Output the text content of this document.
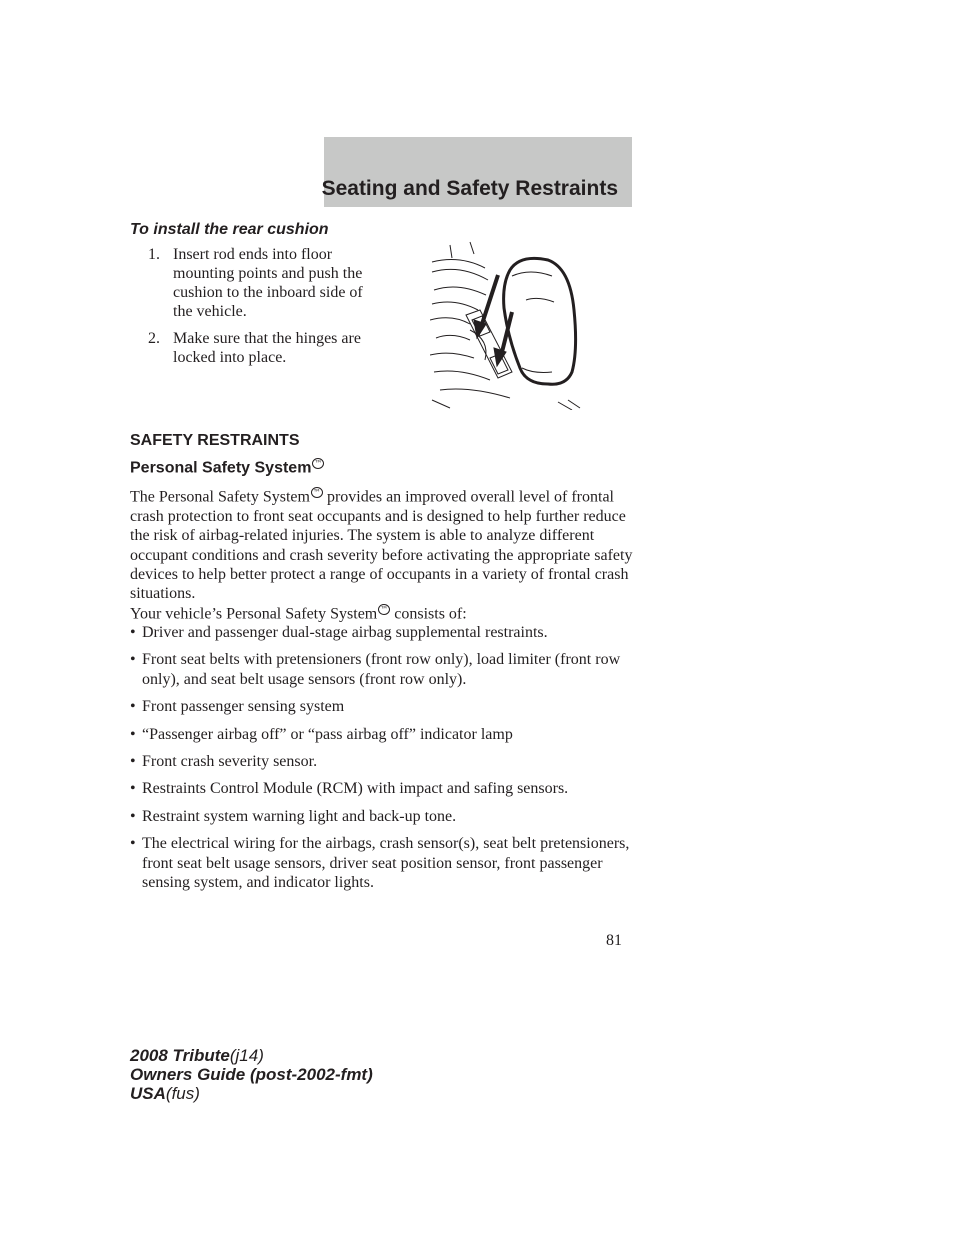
Seating and Safety Restraints
To install the rear cushion
1. Insert rod ends into floor mounting points and push the cushion to the inboard side of the vehicle.
2. Make sure that the hinges are locked into place.
SAFETY RESTRAINTS
Personal Safety System ™
The Personal Safety System ™ provides an improved overall level of frontal crash protection to front seat occupants and is designed to help further reduce the risk of airbag-related injuries. The system is able to analyze different occupant conditions and crash severity before activating the appropriate safety devices to help better protect a range of occupants in a variety of frontal crash situations.
Your vehicle’s Personal Safety System ™ consists of:
• Driver and passenger dual-stage airbag supplemental restraints.
• Front seat belts with pretensioners (front row only), load limiter (front row only), and seat belt usage sensors (front row only).
• Front passenger sensing system
• “Passenger airbag off” or “pass airbag off” indicator lamp
• Front crash severity sensor.
• Restraints Control Module (RCM) with impact and safing sensors.
• Restraint system warning light and back-up tone.
• The electrical wiring for the airbags, crash sensor(s), seat belt pretensioners, front seat belt usage sensors, driver seat position sensor, front passenger sensing system, and indicator lights.
81
2008 Tribute(j14)
Owners Guide (post-2002-fmt)
USA(fus)
